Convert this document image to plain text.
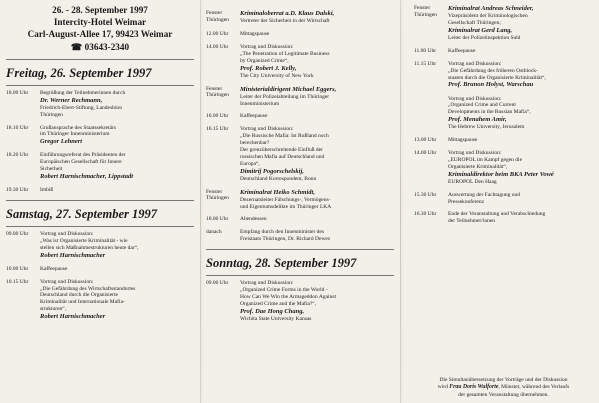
26. - 28. September 1997
Intercity-Hotel Weimar
Carl-August-Allee 17, 99423 Weimar
☎ 03643-2340
Freitag, 26. September 1997
18.00 Uhr	Begrüßung der Teilnehmerinnen durch
Dr. Werner Rechmann,
Friedrich-Ebert-Stiftung, Landesbüro
Thüringen
18.10 Uhr	Grußansprache des Staatssekretärs
im Thüringer Innenministerium
Gregor Lehnert
18.20 Uhr	Einführungsreferat des Präsidenten der
Europäischen Gesellschaft für Innere
Sicherheit
Robert Harnischmacher, Lippstadt
19.30 Uhr	Imbiß
Samstag, 27. September 1997
09.00 Uhr	Vortrag und Diskussion:
„Was ist Organisierte Kriminalität - wie
stellen sich Maßnahmestrukturen heute dar“,
Robert Harnischmacher
10.00 Uhr	Kaffeepause
10.15 Uhr	Vortrag und Diskussion:
„Die Gefährdung des Wirtschaftsstandortes
Deutschland durch die Organisierte
Kriminalität und Internationale Mafia-
strukturen“,
Robert Harnischmacher
Fenster Thüringen
Kriminaloberrat a.D. Klaus Dalski,
Vertreter der Sicherheit in der Wirtschaft
12.00 Uhr	Mittagspause
14.00 Uhr	Vortrag und Diskussion:
„The Penetration of Legitimate Business
by Organized Crime“,
Prof. Robert J. Kelly,
The City University of New York
Fenster Thüringen
Ministerialdirigent Michael Eggers,
Leiter der Polizeiabteilung im Thüringer
Innenministerium
16.00 Uhr	Kaffeepause
16.15 Uhr	Vortrag und Diskussion:
„Die Russische Mafia: Ist Rußland noch
berechenbar?
Der grenzüberschreitende Einfluß der
russischen Mafia auf Deutschland und
Europa“,
Dimitrij Pogorschelskij,
Deutschland Korrespondent, Bonn
Fenster Thüringen
Kriminalrat Heiko Schmidt,
Dezernatsleiter Fälschungs-, Vermögens-
und Eigentumsdelikte im Thüringer LKA
18.00 Uhr	Abendessen
danach	Empfang durch den Innenminister des
Freistaats Thüringen, Dr. Richard Dewes
Sonntag, 28. September 1997
09.00 Uhr	Vortrag und Diskussion:
„Organized Crime Forms in the World -
How Can We Win the Armageddon Against
Organized Crime and the Mafia?“,
Prof. Dae Hong Chang,
Wichita State University Kansas
Fenster Thüringen
Kriminalrat Andreas Schneider,
Vizepräsident der Kriminologischen
Gesellschaft Thüringen;
Kriminalrat Gerd Lang,
Leiter der Polizeiinspektion Suhl
11.00 Uhr	Kaffeepause
11.15 Uhr	Vortrag und Diskussion:
„Die Gefährdung des früheren Ostblock-
staaten durch die Organisierte Kriminalität“,
Prof. Brunon Holyst, Warschau
Vortrag und Diskussion:
„Organized Crime and Current
Developments in the Russian Mafia“,
Prof. Menahem Amir,
The Hebrew University, Jerusalem
13.00 Uhr	Mittagspause
14.00 Uhr	Vortrag und Diskussion:
„EUROPOL im Kampf gegen die
Organisierte Kriminalität“,
Kriminaldirektor beim BKA Peter Vowé
EUROPOL Den Haag
15.30 Uhr	Auswertung der Fachtagung und
Pressekonferenz
16.30 Uhr	Ende der Veranstaltung und Verabschiedung
der Teilnehmer/innen
Die Simultanübersetzung der Vorträge und der Diskussion
wird Frau Doris Wulforte, Münster, während des Verlaufs
der gesamten Veranstaltung übernehmen.
